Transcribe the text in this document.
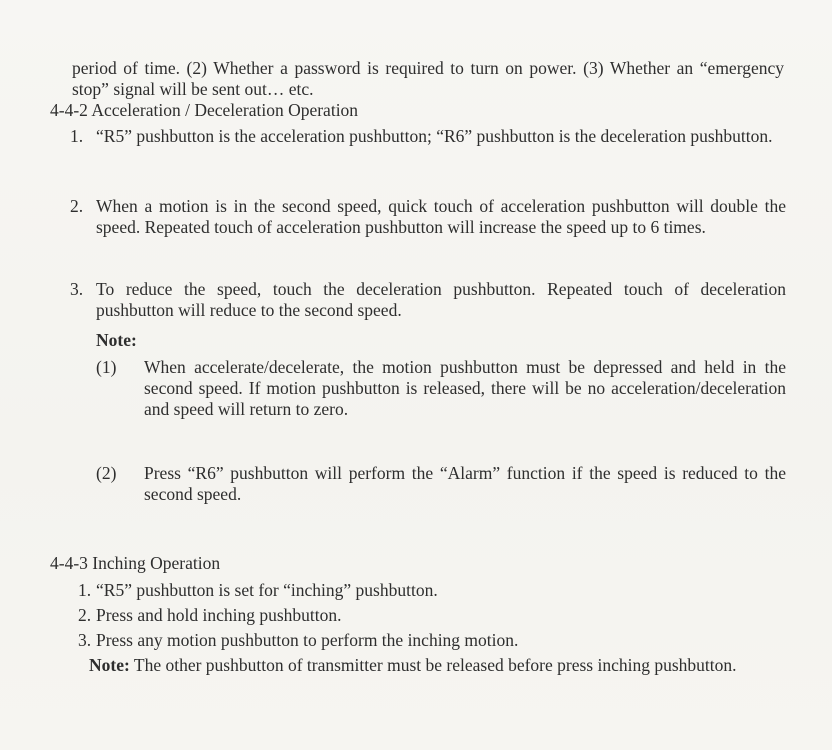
period of time. (2) Whether a password is required to turn on power. (3) Whether an “emergency stop” signal will be sent out… etc.

4-4-2 Acceleration / Deceleration Operation
1. “R5” pushbutton is the acceleration pushbutton; “R6” pushbutton is the deceleration pushbutton.
2. When a motion is in the second speed, quick touch of acceleration pushbutton will double the speed. Repeated touch of acceleration pushbutton will increase the speed up to 6 times.
3. To reduce the speed, touch the deceleration pushbutton. Repeated touch of deceleration pushbutton will reduce to the second speed.
Note:
(1)	When accelerate/decelerate, the motion pushbutton must be depressed and held in the second speed. If motion pushbutton is released, there will be no acceleration/deceleration and speed will return to zero.
(2)	Press “R6” pushbutton will perform the “Alarm” function if the speed is reduced to the second speed.
4-4-3 Inching Operation
1. “R5” pushbutton is set for “inching” pushbutton.
2. Press and hold inching pushbutton.
3. Press any motion pushbutton to perform the inching motion.
Note: The other pushbutton of transmitter must be released before press inching pushbutton.
